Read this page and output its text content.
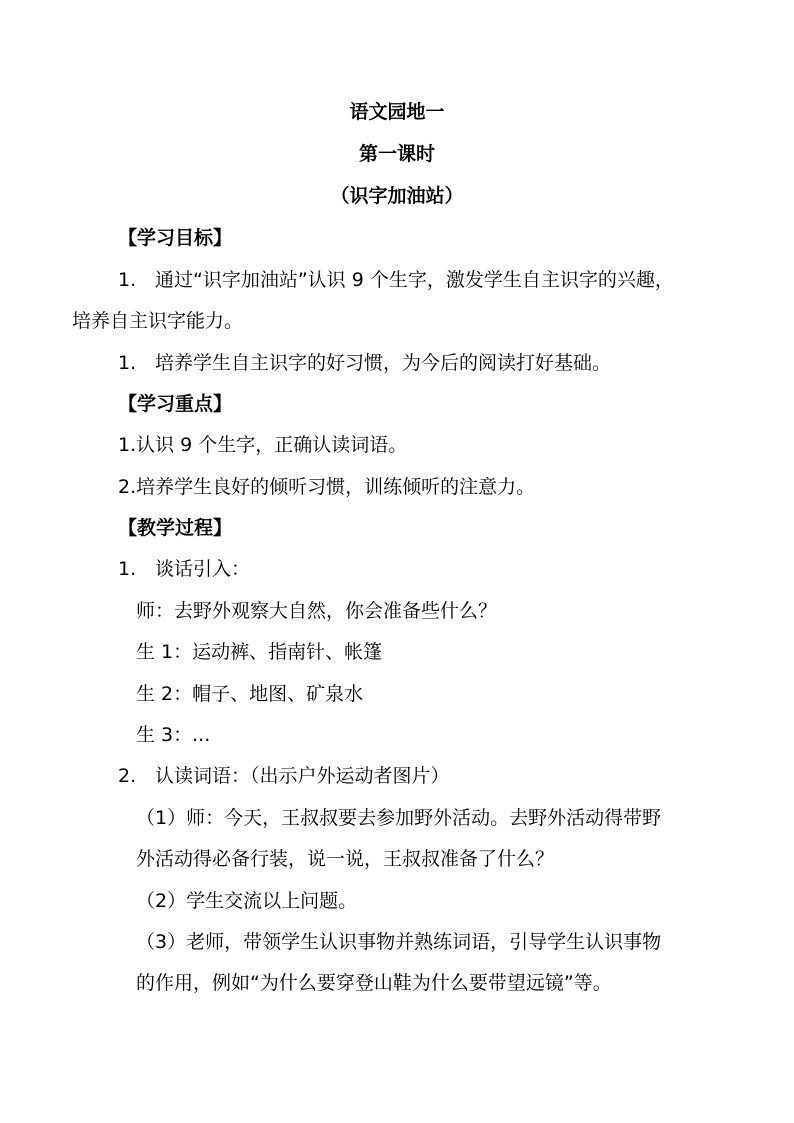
语文园地一
第一课时
（识字加油站）
【学习目标】
1. 通过“识字加油站”认识 9 个生字，激发学生自主识字的兴趣，
培养自主识字能力。
1. 培养学生自主识字的好习惯，为今后的阅读打好基础。
【学习重点】
1.认识 9 个生字，正确认读词语。
2.培养学生良好的倾听习惯，训练倾听的注意力。
【教学过程】
1. 谈话引入：
师：去野外观察大自然，你会准备些什么？
生 1：运动裤、指南针、帐篷
生 2：帽子、地图、矿泉水
生 3：...
2. 认读词语：（出示户外运动者图片）
（1）师：今天，王叔叔要去参加野外活动。去野外活动得带野
外活动得必备行装，说一说，王叔叔准备了什么？
（2）学生交流以上问题。
（3）老师，带领学生认识事物并熟练词语，引导学生认识事物
的作用，例如“为什么要穿登山鞋为什么要带望远镜”等。
